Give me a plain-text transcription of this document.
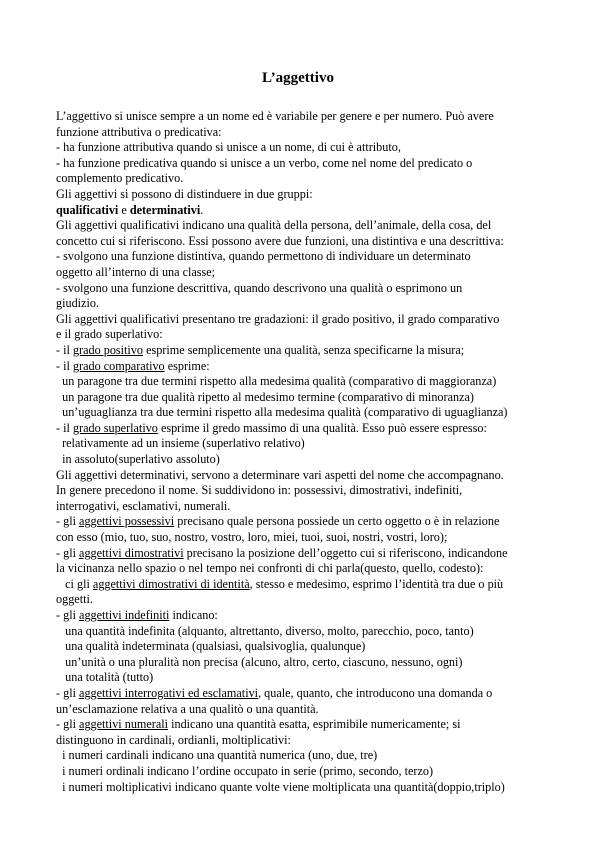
L’aggettivo
L’aggettivo si unisce sempre a un nome ed è variabile per genere e per numero. Può avere
funzione attributiva o predicativa:
- ha funzione attributiva quando si unisce a un nome, di cui è attributo,
- ha funzione predicativa quando si unisce a un verbo, come nel nome del predicato o
complemento predicativo.
Gli aggettivi si possono di distinduere in due gruppi:
qualificativi e determinativi.
Gli aggettivi qualificativi indicano una qualità della persona, dell’animale, della cosa, del
concetto cui si riferiscono. Essi possono avere due funzioni, una distintiva e una descrittiva:
- svolgono una funzione distintiva, quando permettono di individuare un determinato
oggetto all’interno di una classe;
- svolgono una funzione descrittiva, quando descrivono una qualità o esprimono un
giudizio.
Gli aggettivi qualificativi presentano tre gradazioni: il grado positivo, il grado comparativo
e il grado superlativo:
- il grado positivo esprime semplicemente una qualità, senza specificarne la misura;
- il grado comparativo esprime:
un paragone tra due termini rispetto alla medesima qualità (comparativo di maggioranza)
un paragone tra due qualità ripetto al medesimo termine (comparativo di minoranza)
un’uguaglianza tra due termini rispetto alla medesima qualità (comparativo di uguaglianza)
- il grado superlativo esprime il gredo massimo di una qualità. Esso può essere espresso:
relativamente ad un insieme (superlativo relativo)
in assoluto(superlativo assoluto)
Gli aggettivi determinativi, servono a determinare vari aspetti del nome che accompagnano.
In genere precedono il nome. Si suddividono in: possessivi, dimostrativi, indefiniti,
interrogativi, esclamativi, numerali.
- gli aggettivi possessivi precisano quale persona possiede un certo oggetto o è in relazione
con esso (mio, tuo, suo, nostro, vostro, loro, miei, tuoi, suoi, nostri, vostri, loro);
- gli aggettivi dimostrativi precisano la posizione dell’oggetto cui si riferiscono, indicandone
la vicinanza nello spazio o nel tempo nei confronti di chi parla(questo, quello, codesto):
ci gli aggettivi dimostrativi di identità, stesso e medesimo, esprimo l’identità tra due o più
oggetti.
- gli aggettivi indefiniti indicano:
una quantità indefinita (alquanto, altrettanto, diverso, molto, parecchio, poco, tanto)
una qualità indeterminata (qualsiasi, qualsivoglia, qualunque)
un’unità o una pluralità non precisa (alcuno, altro, certo, ciascuno, nessuno, ogni)
una totalità (tutto)
- gli aggettivi interrogativi ed esclamativi, quale, quanto, che introducono una domanda o
un’esclamazione relativa a una qualitò o una quantità.
- gli aggettivi numerali indicano una quantità esatta, esprimibile numericamente; si
distinguono in cardinali, ordianli, moltiplicativi:
i numeri cardinali indicano una quantità numerica (uno, due, tre)
i numeri ordinali indicano l’ordine occupato in serie (primo, secondo, terzo)
i numeri moltiplicativi indicano quante volte viene moltiplicata una quantità(doppio,triplo)
